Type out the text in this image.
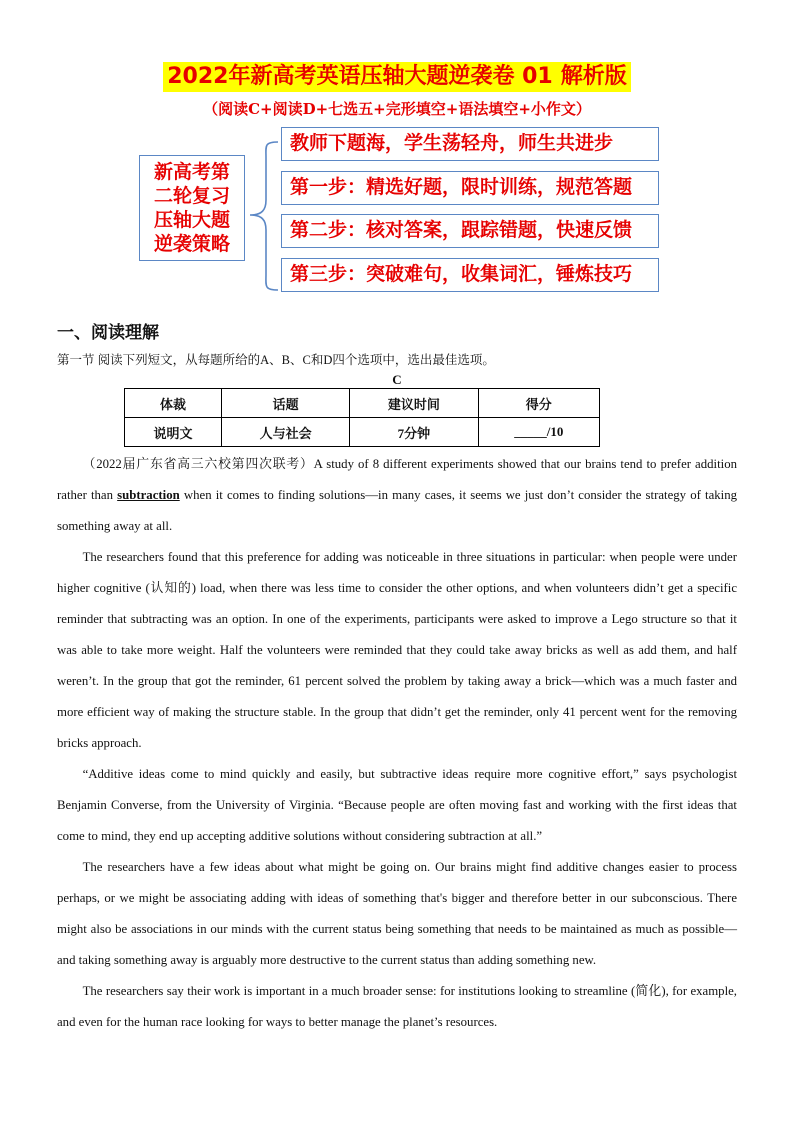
2022年新高考英语压轴大题逆袭卷 01 解析版
（阅读C+阅读D+七选五+完形填空+语法填空+小作文）
新高考第
二轮复习
压轴大题
逆袭策略
教师下题海，学生荡轻舟，师生共进步
第一步：精选好题，限时训练，规范答题
第二步：核对答案，跟踪错题，快速反馈
第三步：突破难句，收集词汇，锤炼技巧
一、阅读理解
第一节 阅读下列短文，从每题所给的A、B、C和D四个选项中，选出最佳选项。
C
体裁	话题	建议时间	得分
说明文	人与社会	7分钟	_____/10

（2022届广东省高三六校第四次联考）A study of 8 different experiments showed that our brains tend to prefer addition rather than subtraction when it comes to finding solutions—in many cases, it seems we just don’t consider the strategy of taking something away at all.

The researchers found that this preference for adding was noticeable in three situations in particular: when people were under higher cognitive (认知的) load, when there was less time to consider the other options, and when volunteers didn’t get a specific reminder that subtracting was an option. In one of the experiments, participants were asked to improve a Lego structure so that it was able to take more weight. Half the volunteers were reminded that they could take away bricks as well as add them, and half weren’t. In the group that got the reminder, 61 percent solved the problem by taking away a brick—which was a much faster and more efficient way of making the structure stable. In the group that didn’t get the reminder, only 41 percent went for the removing bricks approach.

“Additive ideas come to mind quickly and easily, but subtractive ideas require more cognitive effort,” says psychologist Benjamin Converse, from the University of Virginia. “Because people are often moving fast and working with the first ideas that come to mind, they end up accepting additive solutions without considering subtraction at all.”

The researchers have a few ideas about what might be going on. Our brains might find additive changes easier to process perhaps, or we might be associating adding with ideas of something that's bigger and therefore better in our subconscious. There might also be associations in our minds with the current status being something that needs to be maintained as much as possible—and taking something away is arguably more destructive to the current status than adding something new.

The researchers say their work is important in a much broader sense: for institutions looking to streamline (简化), for example, and even for the human race looking for ways to better manage the planet’s resources.
